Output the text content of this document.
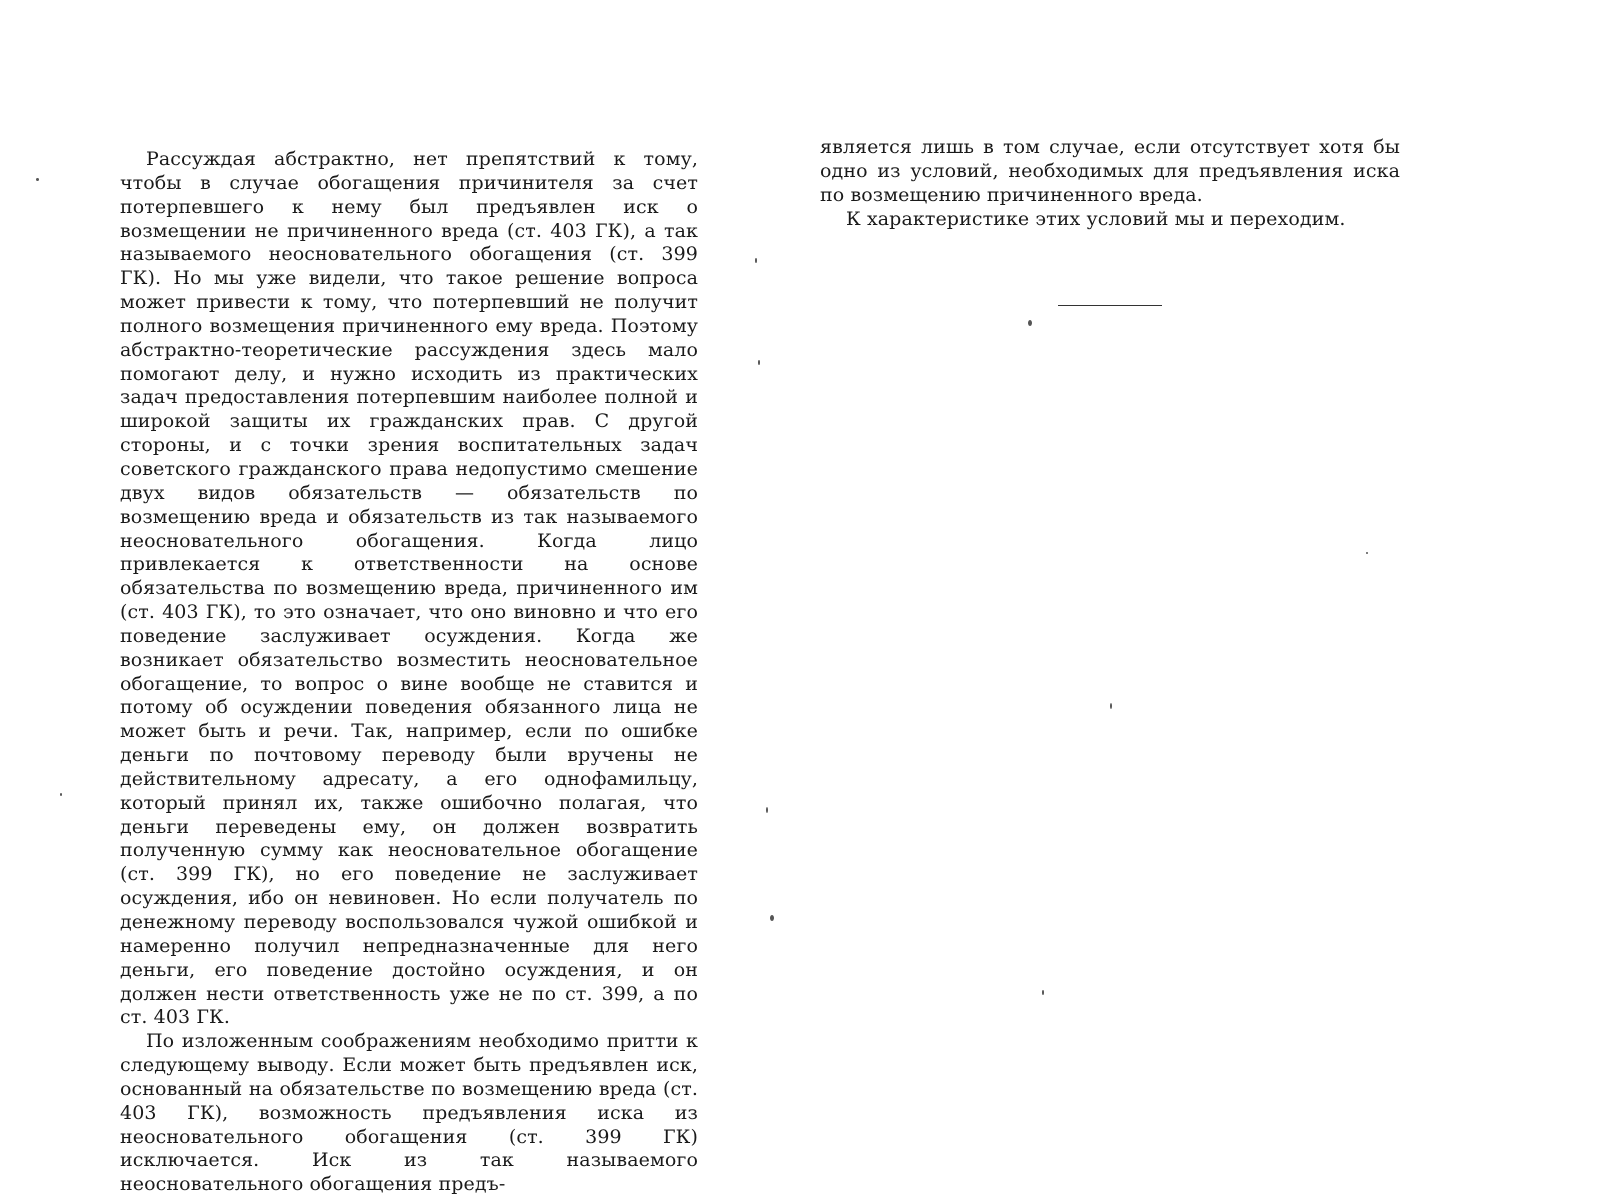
Рассуждая абстрактно, нет препятствий к тому, чтобы в случае обогащения причинителя за счет потерпевшего к нему был предъявлен иск о возмещении не причиненного вреда (ст. 403 ГК), а так называемого неосновательного обогащения (ст. 399 ГК). Но мы уже видели, что такое решение вопроса может привести к тому, что потерпевший не получит полного возмещения причиненного ему вреда. Поэтому абстрактно-теоретические рассуждения здесь мало помогают делу, и нужно исходить из практических задач предоставления потерпевшим наиболее полной и широкой защиты их гражданских прав. С другой стороны, и с точки зрения воспитательных задач советского гражданского права недопустимо смешение двух видов обязательств — обязательств по возмещению вреда и обязательств из так называемого неосновательного обогащения. Когда лицо привлекается к ответственности на основе обязательства по возмещению вреда, причиненного им (ст. 403 ГК), то это означает, что оно виновно и что его поведение заслуживает осуждения. Когда же возникает обязательство возместить неосновательное обогащение, то вопрос о вине вообще не ставится и потому об осуждении поведения обязанного лица не может быть и речи. Так, например, если по ошибке деньги по почтовому переводу были вручены не действительному адресату, а его однофамильцу, который принял их, также ошибочно полагая, что деньги переведены ему, он должен возвратить полученную сумму как неосновательное обогащение (ст. 399 ГК), но его поведение не заслуживает осуждения, ибо он невиновен. Но если получатель по денежному переводу воспользовался чужой ошибкой и намеренно получил непредназначенные для него деньги, его поведение достойно осуждения, и он должен нести ответственность уже не по ст. 399, а по ст. 403 ГК.

По изложенным соображениям необходимо притти к следующему выводу. Если может быть предъявлен иск, основанный на обязательстве по возмещению вреда (ст. 403 ГК), возможность предъявления иска из неосновательного обогащения (ст. 399 ГК) исключается. Иск из так называемого неосновательного обогащения предъ-

является лишь в том случае, если отсутствует хотя бы одно из условий, необходимых для предъявления иска по возмещению причиненного вреда.

К характеристике этих условий мы и переходим.
